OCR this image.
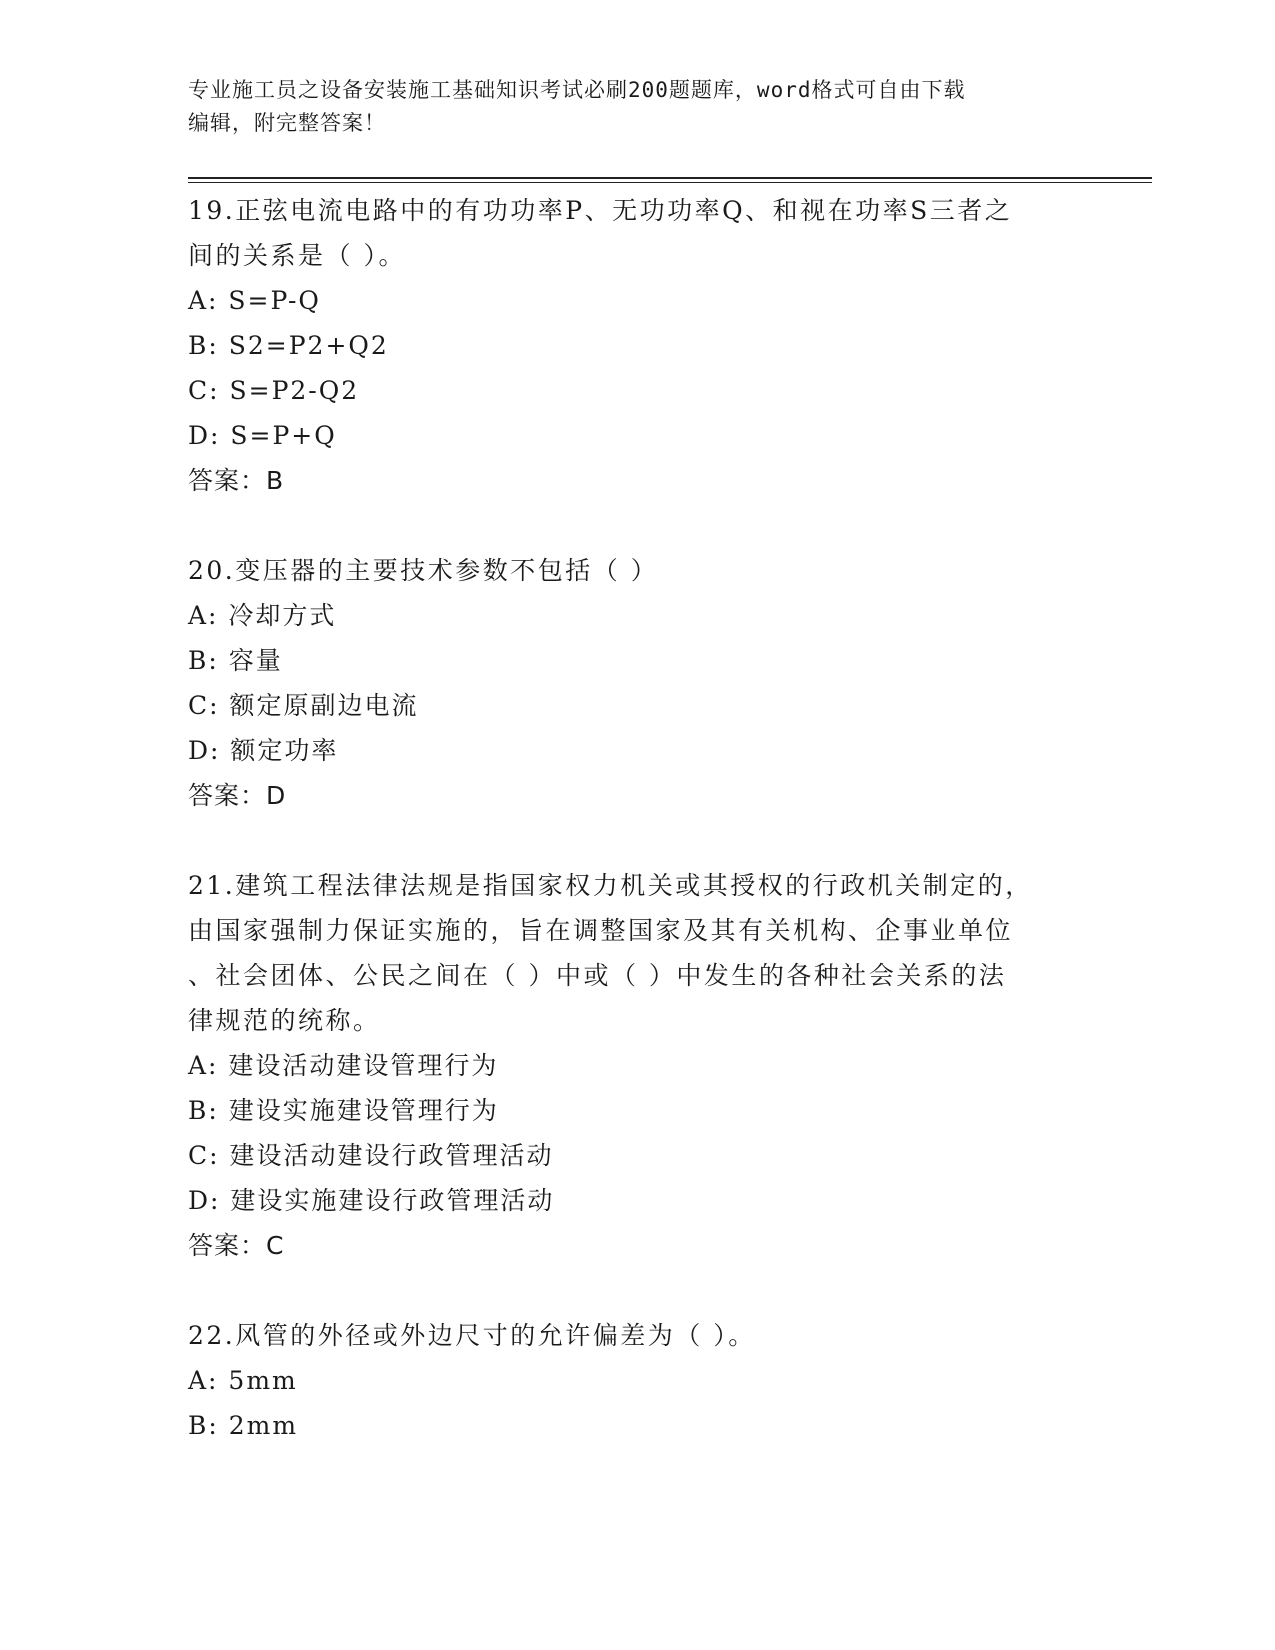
专业施工员之设备安装施工基础知识考试必刷200题题库，word格式可自由下载
编辑，附完整答案！

19.正弦电流电路中的有功功率P、无功功率Q、和视在功率S三者之

间的关系是（ ）。

A: S=P-Q

B: S2=P2+Q2

C: S=P2-Q2

D: S=P+Q

答案：B

20.变压器的主要技术参数不包括（ ）

A: 冷却方式

B: 容量

C: 额定原副边电流

D: 额定功率

答案：D

21.建筑工程法律法规是指国家权力机关或其授权的行政机关制定的，

由国家强制力保证实施的，旨在调整国家及其有关机构、企事业单位

、社会团体、公民之间在（ ）中或（ ）中发生的各种社会关系的法

律规范的统称。

A: 建设活动建设管理行为

B: 建设实施建设管理行为

C: 建设活动建设行政管理活动

D: 建设实施建设行政管理活动

答案：C

22.风管的外径或外边尺寸的允许偏差为（ ）。

A: 5mm

B: 2mm
